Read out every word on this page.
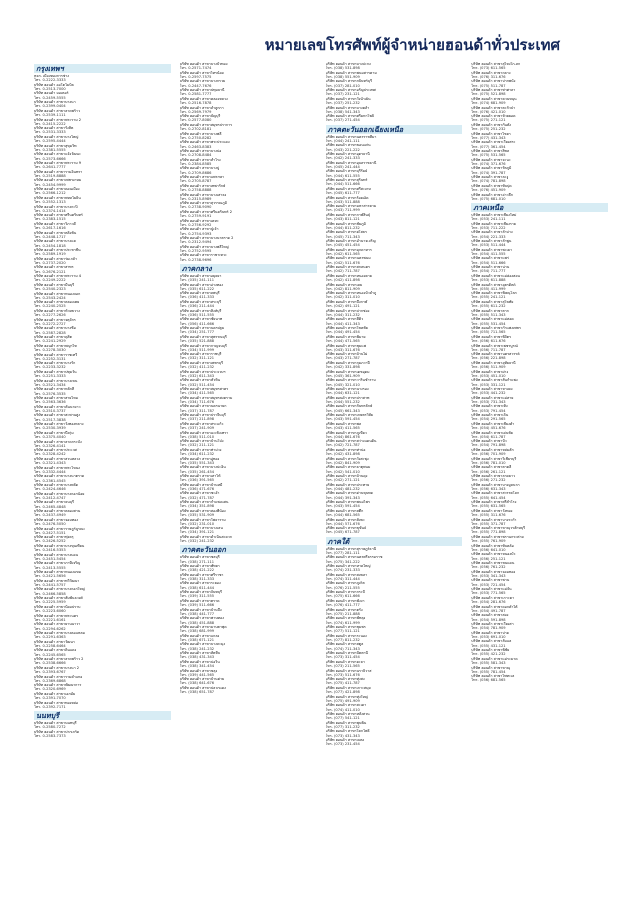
หมายเลขโทรศัพท์ผู้จำหน่ายฮอนด้าทั่วประเทศ
กรุงเทพฯ
หจก. เมืองทองการช่าง
โทร. 0-2222-3333
บริษัท ฮอนด้า ออโตโมบิล
โทร. 0-2513-7000
บริษัท ฮอนด้า มอเตอร์
โทร. 0-2459-5555
บริษัท ฮอนด้า สาขาบางนา
โทร. 0-2399-0404
บริษัท ฮอนด้า สาขาลาดพร้าว
โทร. 0-2539-1111
บริษัท ฮอนด้า สาขาพระราม 2
โทร. 0-2415-2222
บริษัท ฮอนด้า สาขารังสิต
โทร. 0-2531-3333
บริษัท ฮอนด้า สาขาบางใหญ่
โทร. 0-2595-4444
บริษัท ฮอนด้า สาขาสุขุมวิท
โทร. 0-2381-5555
บริษัท ฮอนด้า สาขาแจ้งวัฒนะ
โทร. 0-2573-6666
บริษัท ฮอนด้า สาขาพระราม 9
โทร. 0-2641-7777
บริษัท ฮอนด้า สาขารามอินทรา
โทร. 0-2519-8888
บริษัท ฮอนด้า สาขาเพชรเกษม
โทร. 0-2454-9999
บริษัท ฮอนด้า สาขาดอนเมือง
โทร. 0-2566-1212
บริษัท ฮอนด้า สาขาพหลโยธิน
โทร. 0-2552-1313
บริษัท ฮอนด้า สาขาบางกะปิ
โทร. 0-2374-1414
บริษัท ฮอนด้า สาขาศรีนครินทร์
โทร. 0-2383-1515
บริษัท ฮอนด้า สาขาวิภาวดี
โทร. 0-2617-1616
บริษัท ฮอนด้า สาขาตลิ่งชัน
โทร. 0-2448-1717
บริษัท ฮอนด้า สาขาบางแค
โทร. 0-2454-1818
บริษัท ฮอนด้า สาขาประชาชื่น
โทร. 0-2589-1919
บริษัท ฮอนด้า สาขาร่มเกล้า
โทร. 0-2737-2020
บริษัท ฮอนด้า สาขาสาทร
โทร. 0-2676-2121
บริษัท ฮอนด้า สาขาพระราม 4
โทร. 0-2249-2222
บริษัท ฮอนด้า สาขามีนบุรี
โทร. 0-2540-2323
บริษัท ฮอนด้า สาขาหนองจอก
โทร. 0-2543-2424
บริษัท ฮอนด้า สาขาคลองเตย
โทร. 0-2240-2525
บริษัท ฮอนด้า สาขาห้วยขวาง
โทร. 0-2277-2626
บริษัท ฮอนด้า สาขาจตุจักร
โทร. 0-2272-2727
บริษัท ฮอนด้า สาขาบางซื่อ
โทร. 0-2587-2828
บริษัท ฮอนด้า สาขาดุสิต
โทร. 0-2241-2929
บริษัท ฮอนด้า สาขาพญาไท
โทร. 0-2278-3030
บริษัท ฮอนด้า สาขาราชเทวี
โทร. 0-2252-3131
บริษัท ฮอนด้า สาขาบางรัก
โทร. 0-2233-3232
บริษัท ฮอนด้า สาขาปทุมวัน
โทร. 0-2251-3333
บริษัท ฮอนด้า สาขาบางเขน
โทร. 0-2521-3434
บริษัท ฮอนด้า สาขาหลักสี่
โทร. 0-2576-3535
บริษัท ฮอนด้า สาขาสายไหม
โทร. 0-2563-3636
บริษัท ฮอนด้า สาขาคันนายาว
โทร. 0-2510-3737
บริษัท ฮอนด้า สาขาสะพานสูง
โทร. 0-2517-3838
บริษัท ฮอนด้า สาขาวังทองหลาง
โทร. 0-2530-3939
บริษัท ฮอนด้า สาขาบึงกุ่ม
โทร. 0-2375-4040
บริษัท ฮอนด้า สาขาลาดกระบัง
โทร. 0-2326-4141
บริษัท ฮอนด้า สาขาประเวศ
โทร. 0-2328-4242
บริษัท ฮอนด้า สาขาสวนหลวง
โทร. 0-2321-4343
บริษัท ฮอนด้า สาขาพระโขนง
โทร. 0-2332-4444
บริษัท ฮอนด้า สาขาบางนาตราด
โทร. 0-2361-4545
บริษัท ฮอนด้า สาขาบางพลัด
โทร. 0-2424-4646
บริษัท ฮอนด้า สาขาบางกอกน้อย
โทร. 0-2412-4747
บริษัท ฮอนด้า สาขาธนบุรี
โทร. 0-2465-4848
บริษัท ฮอนด้า สาขาคลองสาน
โทร. 0-2437-4949
บริษัท ฮอนด้า สาขาจอมทอง
โทร. 0-2476-5050
บริษัท ฮอนด้า สาขาราษฎร์บูรณะ
โทร. 0-2427-5151
บริษัท ฮอนด้า สาขาทุ่งครุ
โทร. 0-2426-5252
บริษัท ฮอนด้า สาขาบางขุนเทียน
โทร. 0-2416-5353
บริษัท ฮอนด้า สาขาบางบอน
โทร. 0-2451-5454
บริษัท ฮอนด้า สาขาภาษีเจริญ
โทร. 0-2413-5555
บริษัท ฮอนด้า สาขาหนองแขม
โทร. 0-2421-5656
บริษัท ฮอนด้า สาขาทวีวัฒนา
โทร. 0-2441-5757
บริษัท ฮอนด้า สาขาบางกอกใหญ่
โทร. 0-2466-5858
บริษัท ฮอนด้า สาขาสัมพันธวงศ์
โทร. 0-2225-5959
บริษัท ฮอนด้า สาขาป้อมปราบ
โทร. 0-2223-6060
บริษัท ฮอนด้า สาขาพระนคร
โทร. 0-2221-6161
บริษัท ฮอนด้า สาขายานนาวา
โทร. 0-2294-6262
บริษัท ฮอนด้า สาขาบางคอแหลม
โทร. 0-2291-6363
บริษัท ฮอนด้า สาขาวัฒนา
โทร. 0-2258-6464
บริษัท ฮอนด้า สาขาดินแดง
โทร. 0-2245-6565
บริษัท ฮอนด้า สาขาลาดพร้าว 2
โทร. 0-2538-6666
บริษัท ฮอนด้า สาขาบางนา 2
โทร. 0-2393-6767
บริษัท ฮอนด้า สาขารามคำแหง
โทร. 0-2369-6868
บริษัท ฮอนด้า สาขาพัฒนาการ
โทร. 0-2320-6969
บริษัท ฮอนด้า สาขาเอกมัย
โทร. 0-2391-7070
บริษัท ฮอนด้า สาขาทองหล่อ
โทร. 0-2392-7171
นนทบุรี
บริษัท ฮอนด้า สาขานนทบุรี
โทร. 0-2580-7272
บริษัท ฮอนด้า สาขาปากเกร็ด
โทร. 0-2583-7373
บริษัท ฮอนด้า สาขาบางบัวทอง
โทร. 0-2571-7474
บริษัท ฮอนด้า สาขาไทรน้อย
โทร. 0-2597-7575
บริษัท ฮอนด้า สาขาบางกรวย
โทร. 0-2447-7676
บริษัท ฮอนด้า สาขาปทุมธานี
โทร. 0-2581-7777
บริษัท ฮอนด้า สาขาคลองหลวง
โทร. 0-2516-7878
บริษัท ฮอนด้า สาขาลำลูกกา
โทร. 0-2569-7979
บริษัท ฮอนด้า สาขาธัญบุรี
โทร. 0-2577-8080
บริษัท ฮอนด้า สาขาสมุทรปราการ
โทร. 0-2702-8181
บริษัท ฮอนด้า สาขาบางพลี
โทร. 0-2750-8282
บริษัท ฮอนด้า สาขาพระประแดง
โทร. 0-2463-8383
บริษัท ฮอนด้า สาขาบางบ่อ
โทร. 0-2708-8484
บริษัท ฮอนด้า สาขาสำโรง
โทร. 0-2384-8585
บริษัท ฮอนด้า สาขาบางปู
โทร. 0-2709-8686
บริษัท ฮอนด้า สาขาแพรกษา
โทร. 0-2705-8787
บริษัท ฮอนด้า สาขาเทพารักษ์
โทร. 0-2758-8888
บริษัท ฮอนด้า สาขาบางเสาธง
โทร. 0-2315-8989
บริษัท ฮอนด้า สาขาสุวรรณภูมิ
โทร. 0-2738-9090
บริษัท ฮอนด้า สาขาศรีนครินทร์ 2
โทร. 0-2759-9191
บริษัท ฮอนด้า สาขาเคหะ
โทร. 0-2756-9292
บริษัท ฮอนด้า สาขาปู่เจ้า
โทร. 0-2754-9393
บริษัท ฮอนด้า สาขาบางนาตราด 2
โทร. 0-2312-9494
บริษัท ฮอนด้า สาขาบางพลีใหญ่
โทร. 0-2752-9595
บริษัท ฮอนด้า สาขาราชาเทวะ
โทร. 0-2738-9696
ภาคกลาง
บริษัท ฮอนด้า สาขาอยุธยา
โทร. (035) 241-111
บริษัท ฮอนด้า สาขาอ่างทอง
โทร. (035) 611-222
บริษัท ฮอนด้า สาขาลพบุรี
โทร. (036) 411-333
บริษัท ฮอนด้า สาขาสระบุรี
โทร. (036) 211-444
บริษัท ฮอนด้า สาขาสิงห์บุรี
โทร. (036) 511-555
บริษัท ฮอนด้า สาขาชัยนาท
โทร. (056) 411-666
บริษัท ฮอนด้า สาขานครปฐม
โทร. (034) 251-777
บริษัท ฮอนด้า สาขาสุพรรณบุรี
โทร. (035) 521-888
บริษัท ฮอนด้า สาขากาญจนบุรี
โทร. (034) 511-999
บริษัท ฮอนด้า สาขาราชบุรี
โทร. (032) 311-121
บริษัท ฮอนด้า สาขาเพชรบุรี
โทร. (032) 411-232
บริษัท ฮอนด้า สาขาประจวบฯ
โทร. (032) 611-343
บริษัท ฮอนด้า สาขาหัวหิน
โทร. (032) 511-454
บริษัท ฮอนด้า สาขาสมุทรสาคร
โทร. (034) 411-565
บริษัท ฮอนด้า สาขาสมุทรสงคราม
โทร. (034) 711-676
บริษัท ฮอนด้า สาขานครนายก
โทร. (037) 311-787
บริษัท ฮอนด้า สาขาปราจีนบุรี
โทร. (037) 211-898
บริษัท ฮอนด้า สาขาสระแก้ว
โทร. (037) 241-909
บริษัท ฮอนด้า สาขาฉะเชิงเทรา
โทร. (038) 511-010
บริษัท ฮอนด้า สาขาบ้านโป่ง
โทร. (032) 211-121
บริษัท ฮอนด้า สาขาท่าม่วง
โทร. (034) 611-232
บริษัท ฮอนด้า สาขาอู่ทอง
โทร. (035) 551-343
บริษัท ฮอนด้า สาขาบางปะอิน
โทร. (035) 261-454
บริษัท ฮอนด้า สาขาเสาไห้
โทร. (036) 391-565
บริษัท ฮอนด้า สาขาบ้านหมี่
โทร. (036) 471-676
บริษัท ฮอนด้า สาขาชะอำ
โทร. (032) 471-787
บริษัท ฮอนด้า สาขากำแพงแสน
โทร. (034) 351-898
บริษัท ฮอนด้า สาขาสองพี่น้อง
โทร. (035) 531-909
บริษัท ฮอนด้า สาขาโพธาราม
โทร. (032) 231-010
บริษัท ฮอนด้า สาขาบางเลน
โทร. (034) 391-121
บริษัท ฮอนด้า สาขาดำเนินสะดวก
โทร. (032) 241-232
ภาคตะวันออก
บริษัท ฮอนด้า สาขาชลบุรี
โทร. (038) 271-111
บริษัท ฮอนด้า สาขาพัทยา
โทร. (038) 421-222
บริษัท ฮอนด้า สาขาศรีราชา
โทร. (038) 311-333
บริษัท ฮอนด้า สาขาระยอง
โทร. (038) 611-444
บริษัท ฮอนด้า สาขาจันทบุรี
โทร. (039) 311-555
บริษัท ฮอนด้า สาขาตราด
โทร. (039) 511-666
บริษัท ฮอนด้า สาขาบ้านบึง
โทร. (038) 441-777
บริษัท ฮอนด้า สาขาพานทอง
โทร. (038) 451-888
บริษัท ฮอนด้า สาขามาบตาพุด
โทร. (038) 681-999
บริษัท ฮอนด้า สาขาแกลง
โทร. (038) 671-121
บริษัท ฮอนด้า สาขาบางละมุง
โทร. (038) 241-232
บริษัท ฮอนด้า สาขาสัตหีบ
โทร. (038) 431-343
บริษัท ฮอนด้า สาขาบ่อวิน
โทร. (038) 341-454
บริษัท ฮอนด้า สาขาขลุง
โทร. (039) 441-565
บริษัท ฮอนด้า สาขาบ้านค่าย
โทร. (038) 641-676
บริษัท ฮอนด้า สาขาปลวกแดง
โทร. (038) 651-787
บริษัท ฮอนด้า สาขาบางปะกง
โทร. (038) 531-898
บริษัท ฮอนด้า สาขาพนมสารคาม
โทร. (038) 551-909
บริษัท ฮอนด้า สาขากบินทร์บุรี
โทร. (037) 281-010
บริษัท ฮอนด้า สาขาอรัญประเทศ
โทร. (037) 231-121
บริษัท ฮอนด้า สาขาวังน้ำเย็น
โทร. (037) 251-232
บริษัท ฮอนด้า สาขาบางคล้า
โทร. (038) 541-343
บริษัท ฮอนด้า สาขาศรีมหาโพธิ
โทร. (037) 271-454
ภาคตะวันออกเฉียงเหนือ
บริษัท ฮอนด้า สาขานครราชสีมา
โทร. (044) 241-111
บริษัท ฮอนด้า สาขาขอนแก่น
โทร. (043) 221-222
บริษัท ฮอนด้า สาขาอุดรธานี
โทร. (042) 241-333
บริษัท ฮอนด้า สาขาอุบลราชธานี
โทร. (045) 241-444
บริษัท ฮอนด้า สาขาบุรีรัมย์
โทร. (044) 611-555
บริษัท ฮอนด้า สาขาสุรินทร์
โทร. (044) 511-666
บริษัท ฮอนด้า สาขาศรีสะเกษ
โทร. (045) 611-777
บริษัท ฮอนด้า สาขาร้อยเอ็ด
โทร. (043) 511-888
บริษัท ฮอนด้า สาขามหาสารคาม
โทร. (043) 711-999
บริษัท ฮอนด้า สาขากาฬสินธุ์
โทร. (043) 811-121
บริษัท ฮอนด้า สาขาชัยภูมิ
โทร. (044) 811-232
บริษัท ฮอนด้า สาขายโสธร
โทร. (045) 711-343
บริษัท ฮอนด้า สาขาอำนาจเจริญ
โทร. (045) 451-454
บริษัท ฮอนด้า สาขามุกดาหาร
โทร. (042) 611-565
บริษัท ฮอนด้า สาขานครพนม
โทร. (042) 511-676
บริษัท ฮอนด้า สาขาสกลนคร
โทร. (042) 711-787
บริษัท ฮอนด้า สาขาหนองคาย
โทร. (042) 411-898
บริษัท ฮอนด้า สาขาเลย
โทร. (042) 811-909
บริษัท ฮอนด้า สาขาหนองบัวลำภู
โทร. (042) 311-010
บริษัท ฮอนด้า สาขาบึงกาฬ
โทร. (042) 491-121
บริษัท ฮอนด้า สาขาปากช่อง
โทร. (044) 311-232
บริษัท ฮอนด้า สาขาสีคิ้ว
โทร. (044) 411-343
บริษัท ฮอนด้า สาขาโชคชัย
โทร. (044) 491-454
บริษัท ฮอนด้า สาขาพิมาย
โทร. (044) 471-565
บริษัท ฮอนด้า สาขาชุมแพ
โทร. (043) 311-676
บริษัท ฮอนด้า สาขาบ้านไผ่
โทร. (043) 271-787
บริษัท ฮอนด้า สาขากุมภวาปี
โทร. (042) 331-898
บริษัท ฮอนด้า สาขาเดชอุดม
โทร. (045) 361-909
บริษัท ฮอนด้า สาขาวารินชำราบ
โทร. (045) 321-010
บริษัท ฮอนด้า สาขานางรอง
โทร. (044) 631-121
บริษัท ฮอนด้า สาขาปราสาท
โทร. (044) 551-232
บริษัท ฮอนด้า สาขากันทรลักษ์
โทร. (045) 661-343
บริษัท ฮอนด้า สาขาเกษตรวิสัย
โทร. (043) 591-454
บริษัท ฮอนด้า สาขาพล
โทร. (043) 411-565
บริษัท ฮอนด้า สาขาภูเขียว
โทร. (044) 861-676
บริษัท ฮอนด้า สาขาสว่างแดนดิน
โทร. (042) 721-787
บริษัท ฮอนด้า สาขาท่าบ่อ
โทร. (042) 431-898
บริษัท ฮอนด้า สาขาวังสะพุง
โทร. (042) 841-909
บริษัท ฮอนด้า สาขาธาตุพนม
โทร. (042) 541-010
บริษัท ฮอนด้า สาขาบ้านดุง
โทร. (042) 271-121
บริษัท ฮอนด้า สาขาประทาย
โทร. (044) 481-232
บริษัท ฮอนด้า สาขาด่านขุนทด
โทร. (044) 391-343
บริษัท ฮอนด้า สาขาพนมไพร
โทร. (043) 591-454
บริษัท ฮอนด้า สาขาสตึก
โทร. (044) 681-565
บริษัท ฮอนด้า สาขาสังขะ
โทร. (044) 571-676
บริษัท ฮอนด้า สาขาขุขันธ์
โทร. (045) 671-787
ภาคใต้
บริษัท ฮอนด้า สาขาสุราษฎร์ธานี
โทร. (077) 281-111
บริษัท ฮอนด้า สาขานครศรีธรรมราช
โทร. (075) 341-222
บริษัท ฮอนด้า สาขาหาดใหญ่
โทร. (074) 231-333
บริษัท ฮอนด้า สาขาสงขลา
โทร. (074) 311-444
บริษัท ฮอนด้า สาขาภูเก็ต
โทร. (076) 211-555
บริษัท ฮอนด้า สาขากระบี่
โทร. (075) 611-666
บริษัท ฮอนด้า สาขาพังงา
โทร. (076) 411-777
บริษัท ฮอนด้า สาขาตรัง
โทร. (075) 211-888
บริษัท ฮอนด้า สาขาพัทลุง
โทร. (074) 611-999
บริษัท ฮอนด้า สาขาชุมพร
โทร. (077) 511-121
บริษัท ฮอนด้า สาขาระนอง
โทร. (077) 811-232
บริษัท ฮอนด้า สาขาสตูล
โทร. (074) 711-343
บริษัท ฮอนด้า สาขาปัตตานี
โทร. (073) 311-454
บริษัท ฮอนด้า สาขายะลา
โทร. (073) 211-565
บริษัท ฮอนด้า สาขานราธิวาส
โทร. (073) 511-676
บริษัท ฮอนด้า สาขาทุ่งสง
โทร. (075) 411-787
บริษัท ฮอนด้า สาขาเกาะสมุย
โทร. (077) 421-898
บริษัท ฮอนด้า สาขาทุ่งใหญ่
โทร. (075) 491-909
บริษัท ฮอนด้า สาขาสะเดา
โทร. (074) 411-010
บริษัท ฮอนด้า สาขาหลังสวน
โทร. (077) 541-121
บริษัท ฮอนด้า สาขาพุนพิน
โทร. (077) 311-232
บริษัท ฮอนด้า สาขาโคกโพธิ์
โทร. (073) 431-343
บริษัท ฮอนด้า สาขาเบตง
โทร. (073) 231-454
บริษัท ฮอนด้า สาขาสุไหงโก-ลก
โทร. (073) 611-565
บริษัท ฮอนด้า สาขาถลาง
โทร. (076) 311-676
บริษัท ฮอนด้า สาขาปากพนัง
โทร. (075) 511-787
บริษัท ฮอนด้า สาขาท่าศาลา
โทร. (075) 521-898
บริษัท ฮอนด้า สาขาควนขนุน
โทร. (074) 681-909
บริษัท ฮอนด้า สาขาตะกั่วป่า
โทร. (076) 421-010
บริษัท ฮอนด้า สาขาห้วยยอด
โทร. (075) 271-121
บริษัท ฮอนด้า สาขากันตัง
โทร. (075) 251-232
บริษัท ฮอนด้า สาขาไชยา
โทร. (077) 431-343
บริษัท ฮอนด้า สาขาเวียงสระ
โทร. (077) 361-454
บริษัท ฮอนด้า สาขาสิชล
โทร. (075) 531-565
บริษัท ฮอนด้า สาขาจะนะ
โทร. (074) 371-676
บริษัท ฮอนด้า สาขารัตภูมิ
โทร. (074) 391-787
บริษัท ฮอนด้า สาขาละงู
โทร. (074) 781-898
บริษัท ฮอนด้า สาขาทับปุด
โทร. (076) 451-909
บริษัท ฮอนด้า สาขาอ่าวลึก
โทร. (075) 681-010
ภาคเหนือ
บริษัท ฮอนด้า สาขาเชียงใหม่
โทร. (053) 241-111
บริษัท ฮอนด้า สาขาเชียงราย
โทร. (053) 711-222
บริษัท ฮอนด้า สาขาลำปาง
โทร. (054) 221-333
บริษัท ฮอนด้า สาขาลำพูน
โทร. (053) 511-444
บริษัท ฮอนด้า สาขาพะเยา
โทร. (054) 411-555
บริษัท ฮอนด้า สาขาแพร่
โทร. (054) 511-666
บริษัท ฮอนด้า สาขาน่าน
โทร. (054) 711-777
บริษัท ฮอนด้า สาขาแม่ฮ่องสอน
โทร. (053) 611-888
บริษัท ฮอนด้า สาขาอุตรดิตถ์
โทร. (055) 411-999
บริษัท ฮอนด้า สาขาพิษณุโลก
โทร. (055) 241-121
บริษัท ฮอนด้า สาขาสุโขทัย
โทร. (055) 611-232
บริษัท ฮอนด้า สาขาตาก
โทร. (055) 511-343
บริษัท ฮอนด้า สาขาแม่สอด
โทร. (055) 531-454
บริษัท ฮอนด้า สาขากำแพงเพชร
โทร. (055) 711-565
บริษัท ฮอนด้า สาขาพิจิตร
โทร. (056) 611-676
บริษัท ฮอนด้า สาขาเพชรบูรณ์
โทร. (056) 711-787
บริษัท ฮอนด้า สาขานครสวรรค์
โทร. (056) 221-898
บริษัท ฮอนด้า สาขาอุทัยธานี
โทร. (056) 511-909
บริษัท ฮอนด้า สาขาฝาง
โทร. (053) 451-010
บริษัท ฮอนด้า สาขาสันกำแพง
โทร. (053) 331-121
บริษัท ฮอนด้า สาขาหางดง
โทร. (053) 441-232
บริษัท ฮอนด้า สาขาแม่สาย
โทร. (053) 731-343
บริษัท ฮอนด้า สาขาเทิง
โทร. (053) 791-454
บริษัท ฮอนด้า สาขาเถิน
โทร. (054) 291-565
บริษัท ฮอนด้า สาขาเชียงคำ
โทร. (054) 451-676
บริษัท ฮอนด้า สาขาเด่นชัย
โทร. (054) 611-787
บริษัท ฮอนด้า สาขาปัว
โทร. (054) 791-898
บริษัท ฮอนด้า สาขาหล่มสัก
โทร. (056) 701-909
บริษัท ฮอนด้า สาขาวิเชียรบุรี
โทร. (056) 781-010
บริษัท ฮอนด้า สาขาตาคลี
โทร. (056) 261-121
บริษัท ฮอนด้า สาขาลาดยาว
โทร. (056) 271-232
บริษัท ฮอนด้า สาขาบางมูลนาก
โทร. (056) 631-343
บริษัท ฮอนด้า สาขาสวรรคโลก
โทร. (055) 641-454
บริษัท ฮอนด้า สาขาศรีสำโรง
โทร. (055) 631-565
บริษัท ฮอนด้า สาขาวังทอง
โทร. (055) 311-676
บริษัท ฮอนด้า สาขาบางระกำ
โทร. (055) 371-787
บริษัท ฮอนด้า สาขาขาณุวรลักษบุรี
โทร. (055) 771-898
บริษัท ฮอนด้า สาขาพรานกระต่าย
โทร. (055) 761-909
บริษัท ฮอนด้า สาขาทับคล้อ
โทร. (056) 641-010
บริษัท ฮอนด้า สาขาหนองบัว
โทร. (056) 251-121
บริษัท ฮอนด้า สาขาชนแดน
โทร. (056) 761-232
บริษัท ฮอนด้า สาขาจอมทอง
โทร. (053) 341-343
บริษัท ฮอนด้า สาขาพาน
โทร. (053) 721-454
บริษัท ฮอนด้า สาขาแม่จัน
โทร. (053) 771-565
บริษัท ฮอนด้า สาขาเกาะคา
โทร. (054) 281-676
บริษัท ฮอนด้า สาขาดอกคำใต้
โทร. (054) 491-787
บริษัท ฮอนด้า สาขาสอง
โทร. (054) 591-898
บริษัท ฮอนด้า สาขาเวียงสา
โทร. (054) 781-909
บริษัท ฮอนด้า สาขาปาย
โทร. (053) 691-010
บริษัท ฮอนด้า สาขาลับแล
โทร. (055) 431-121
บริษัท ฮอนด้า สาขาพิชัย
โทร. (055) 421-232
บริษัท ฮอนด้า สาขาแม่ระมาด
โทร. (055) 581-343
บริษัท ฮอนด้า สาขาขาณุ
โทร. (055) 781-454
บริษัท ฮอนด้า สาขาโพทะเล
โทร. (056) 681-565
